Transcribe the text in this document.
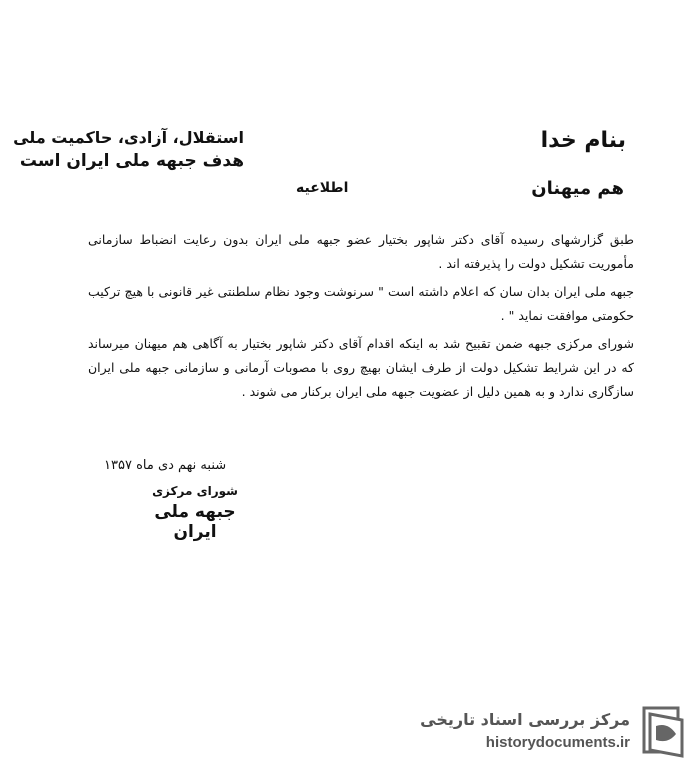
بنام خدا
استقلال، آزادی، حاکمیت ملی
هدف جبهه ملی ایران است
هم میهنان
اطلاعیه

طبق گزارشهای رسیده آقای دکتر شاپور بختیار عضو جبهه ملی ایران بدون رعایت انضباط سازمانی مأموریت تشکیل دولت را پذیرفته اند .

جبهه ملی ایران بدان سان که اعلام داشته است " سرنوشت وجود نظام سلطنتی غیر قانونی با هیچ ترکیب حکومتی موافقت نماید " .

شورای مرکزی جبهه ضمن تقبیح شد به اینکه اقدام آقای دکتر شاپور بختیار به آگاهی هم میهنان میرساند که در این شرایط تشکیل دولت از طرف ایشان بهیچ روی با مصوبات آرمانی و سازمانی جبهه ملی ایران سازگاری ندارد و به همین دلیل از عضویت جبهه ملی ایران برکنار می شوند .

شنبه نهم دی ماه ۱۳۵۷
شورای مرکزی
جبهه ملی ایران
مرکز بررسی اسناد تاریخی
historydocuments.ir
